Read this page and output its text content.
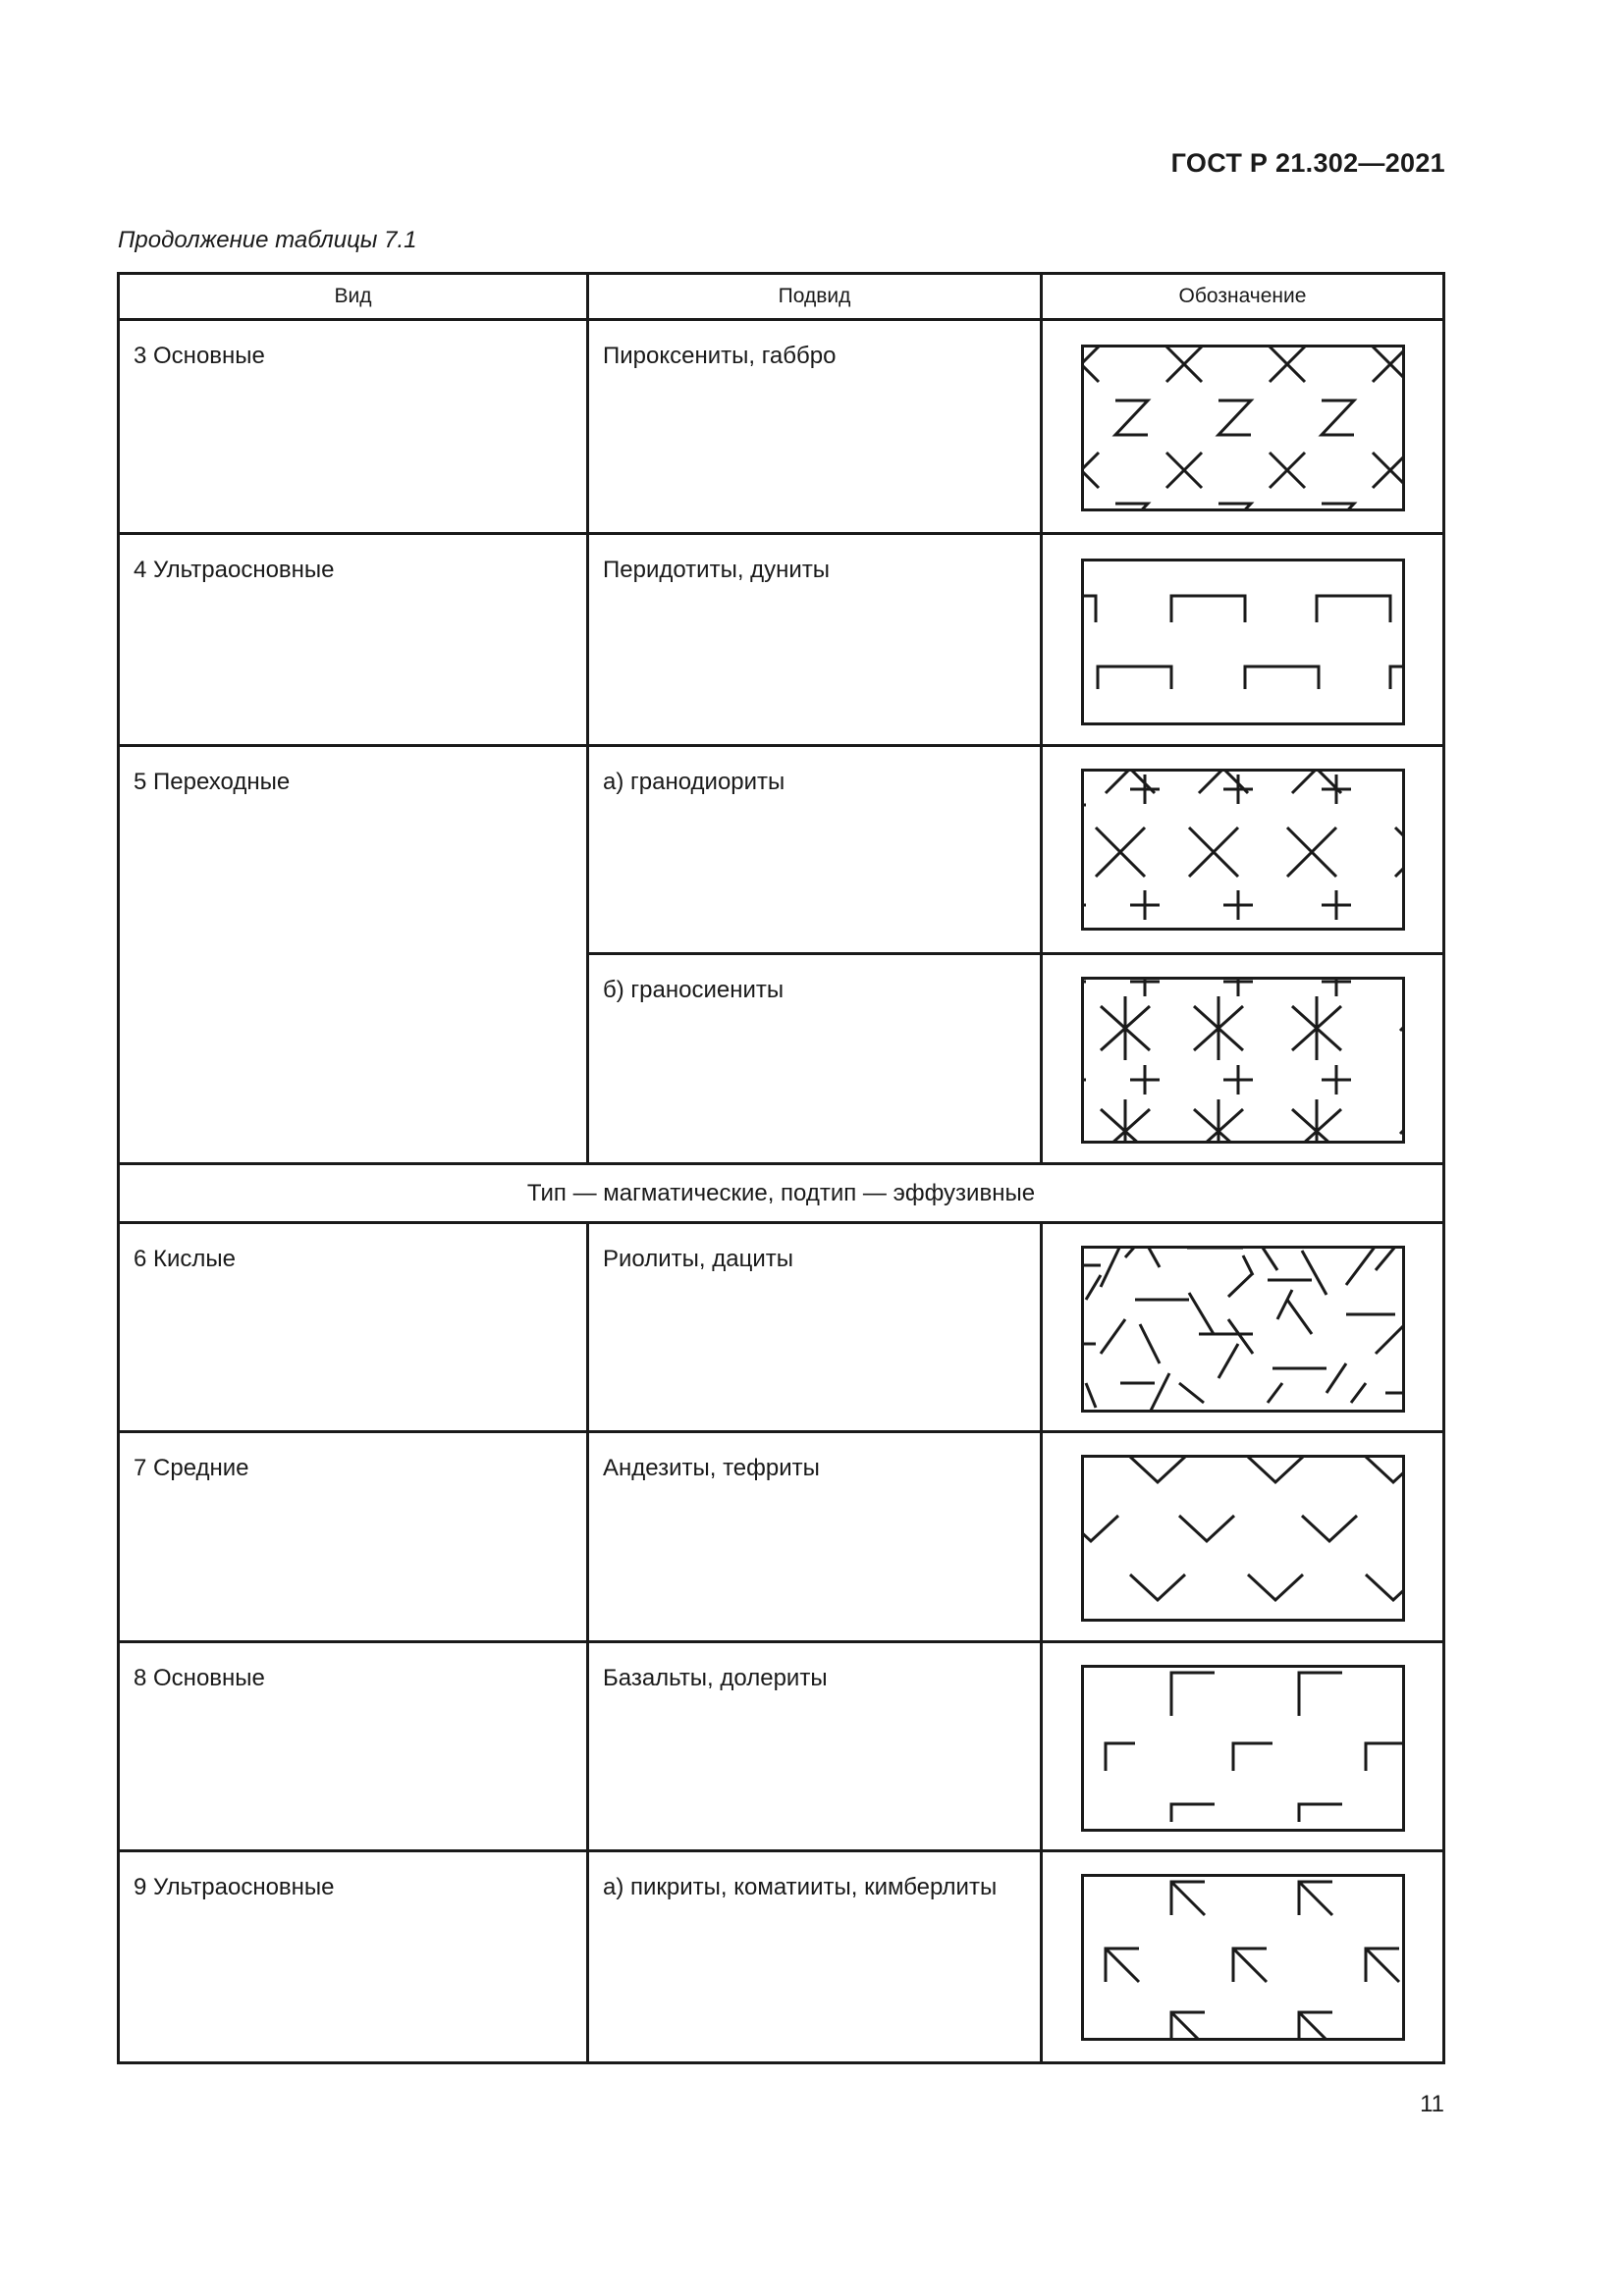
ГОСТ Р 21.302—2021
Продолжение таблицы 7.1
Вид	Подвид	Обозначение
3 Основные	Пироксениты, габбро	

4 Ультраосновные	Перидотиты, дуниты	

5 Переходные	а) гранодиориты	

	б) граносиениты	

Тип — магматические, подтип — эффузивные		
6 Кислые	Риолиты, дациты	

7 Средние	Андезиты, тефриты	

8 Основные	Базальты, долериты	

9 Ультраосновные	а) пикриты, коматииты, кимберлиты	
11
